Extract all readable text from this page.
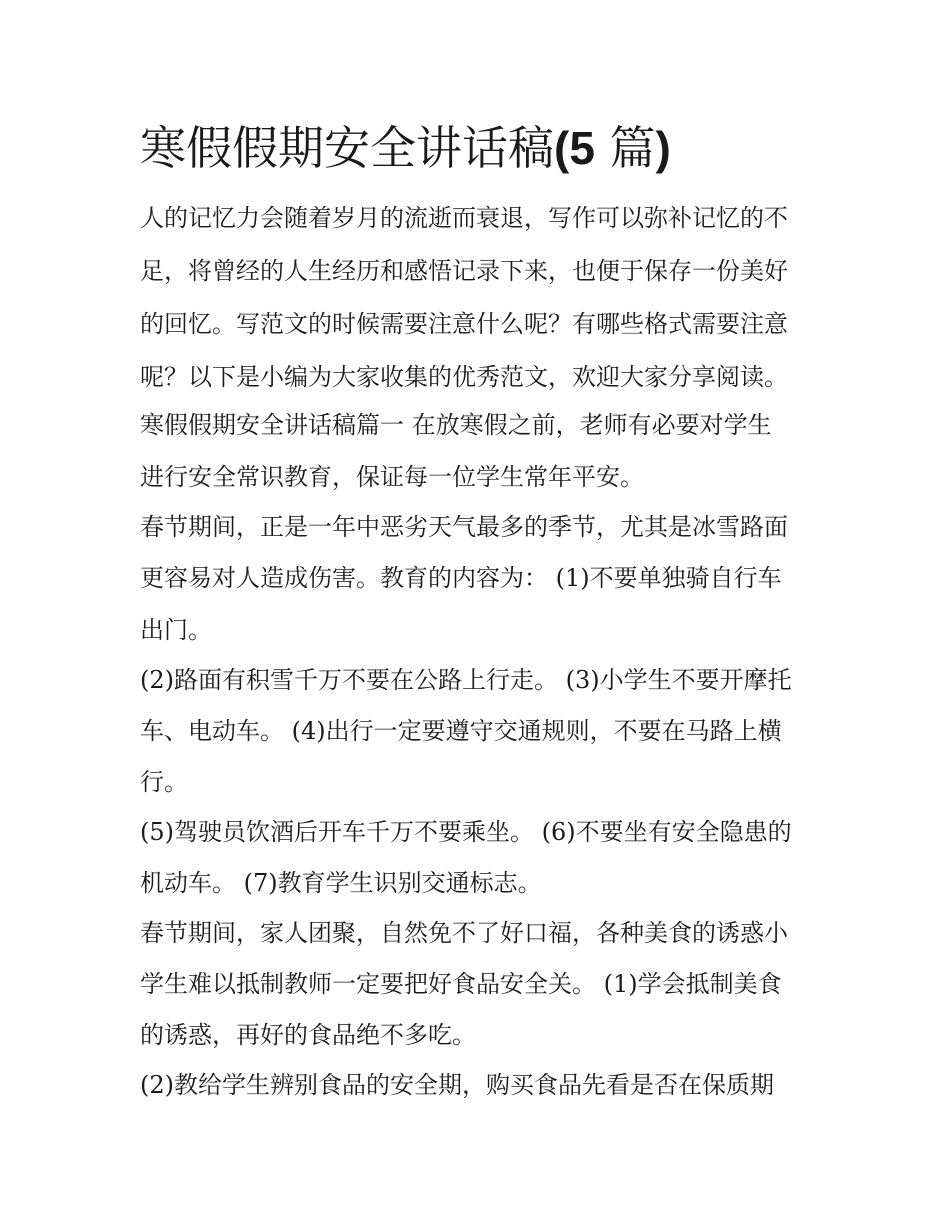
寒假假期安全讲话稿(5 篇)

人的记忆力会随着岁月的流逝而衰退，写作可以弥补记忆的不

足，将曾经的人生经历和感悟记录下来，也便于保存一份美好

的回忆。写范文的时候需要注意什么呢？有哪些格式需要注意

呢？以下是小编为大家收集的优秀范文，欢迎大家分享阅读。

寒假假期安全讲话稿篇一 在放寒假之前，老师有必要对学生

进行安全常识教育，保证每一位学生常年平安。

春节期间，正是一年中恶劣天气最多的季节，尤其是冰雪路面

更容易对人造成伤害。教育的内容为： (1)不要单独骑自行车

出门。

(2)路面有积雪千万不要在公路上行走。 (3)小学生不要开摩托

车、电动车。 (4)出行一定要遵守交通规则，不要在马路上横

行。

(5)驾驶员饮酒后开车千万不要乘坐。 (6)不要坐有安全隐患的

机动车。 (7)教育学生识别交通标志。

春节期间，家人团聚，自然免不了好口福，各种美食的诱惑小

学生难以抵制教师一定要把好食品安全关。 (1)学会抵制美食

的诱惑，再好的食品绝不多吃。

(2)教给学生辨别食品的安全期，购买食品先看是否在保质期
